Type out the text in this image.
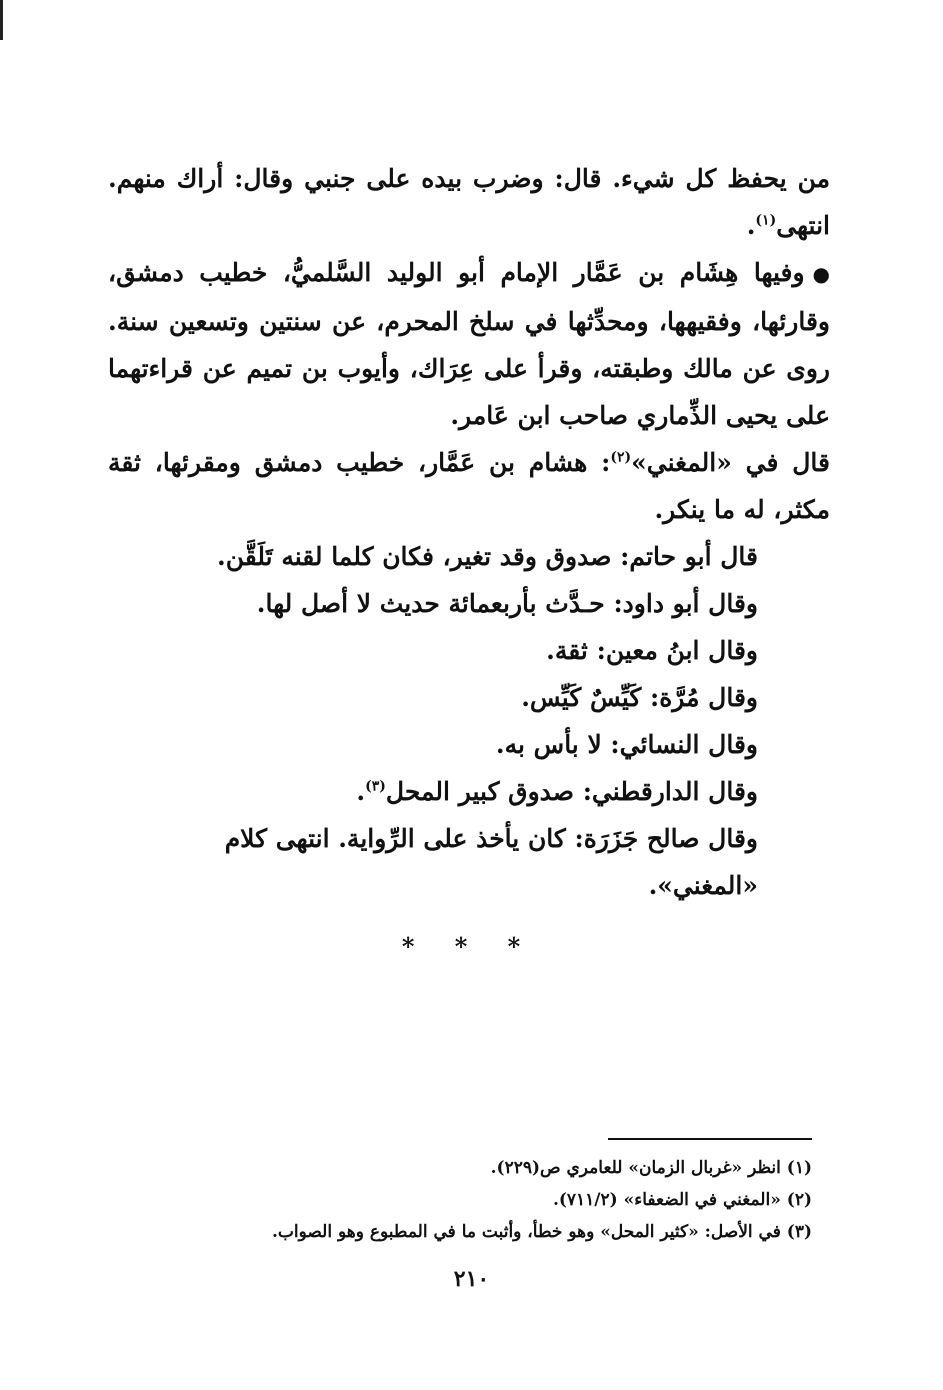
من يحفظ كل شيء. قال: وضرب بيده على جنبي وقال: أراك منهم. انتهى$^{(١)}$.

●وفيها هِشَام بن عَمَّار الإمام أبو الوليد السَّلميُّ، خطيب دمشق، وقارئها، وفقيهها، ومحدِّثها في سلخ المحرم، عن سنتين وتسعين سنة. روى عن مالك وطبقته، وقرأ على عِرَاك، وأيوب بن تميم عن قراءتهما على يحيى الذِّماري صاحب ابن عَامر.

قال في «المغني»$^{(٢)}$: هشام بن عَمَّار، خطيب دمشق ومقرئها، ثقة مكثر، له ما ينكر.

قال أبو حاتم: صدوق وقد تغير، فكان كلما لقنه تَلَقَّن.

وقال أبو داود: حـدَّث بأربعمائة حديث لا أصل لها.

وقال ابنُ معين: ثقة.

وقال مُرَّة: كَيِّسٌ كَيِّس.

وقال النسائي: لا بأس به.

وقال الدارقطني: صدوق كبير المحل$^{(٣)}$.

وقال صالح جَزَرَة: كان يأخذ على الرِّواية. انتهى كلام «المغني».

* * *

(١) انظر «غربال الزمان» للعامري ص(٢٢٩).

(٢) «المغني في الضعفاء» (٧١١/٢).

(٣) في الأصل: «كثير المحل» وهو خطأ، وأثبت ما في المطبوع وهو الصواب.

٢١٠
